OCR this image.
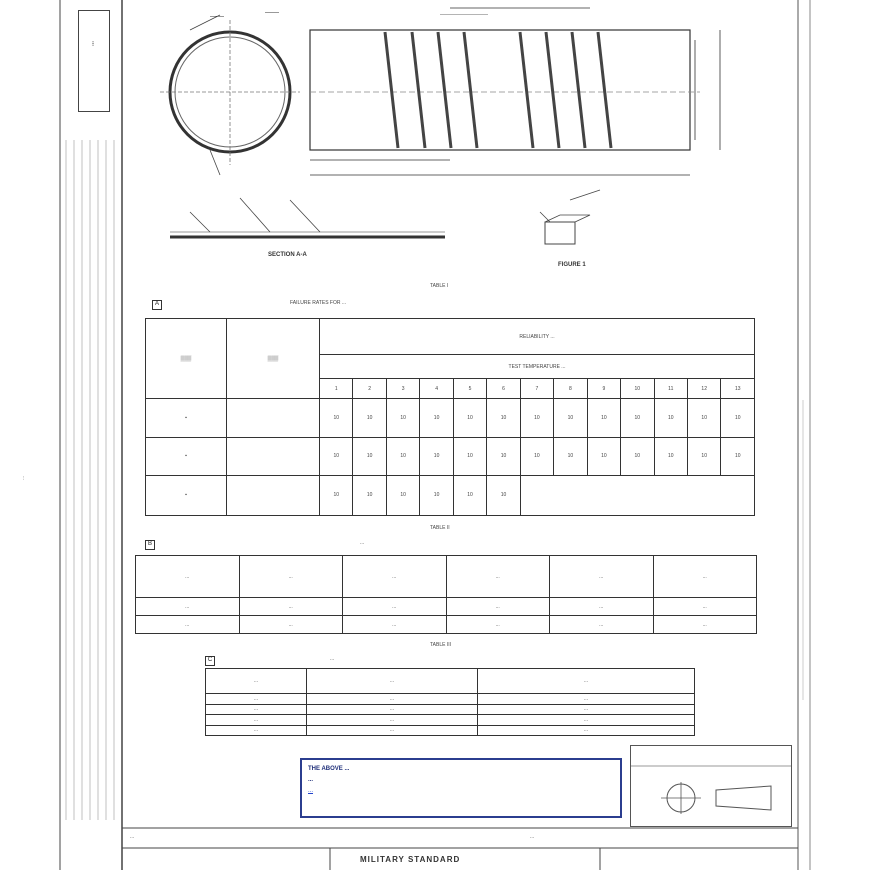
...
——
——	————————
SECTION A-A
FIGURE 1
TABLE I
FAILURE RATES FOR ...
A
▒▒▒	▒▒▒	RELIABILITY ...												
		TEST TEMPERATURE ...												
		1	2	3	4	5	6	7	8	9	10	11	12	13
▪		10	10	10	10	10	10	10	10	10	10	10	10	10
▪		10	10	10	10	10	10	10	10	10	10	10	10	10
▪		10	10	10	10	10	10							
TABLE II
B	...
...	...	...	...	...	...
...	...	...	...	...	...
...	...	...	...	...	...
TABLE III
C	...
...	...	...
...	...	...
...	...	...
...	...	...
...	...	...
THE ABOVE ...
...
...
...	...
MILITARY STANDARD
...
